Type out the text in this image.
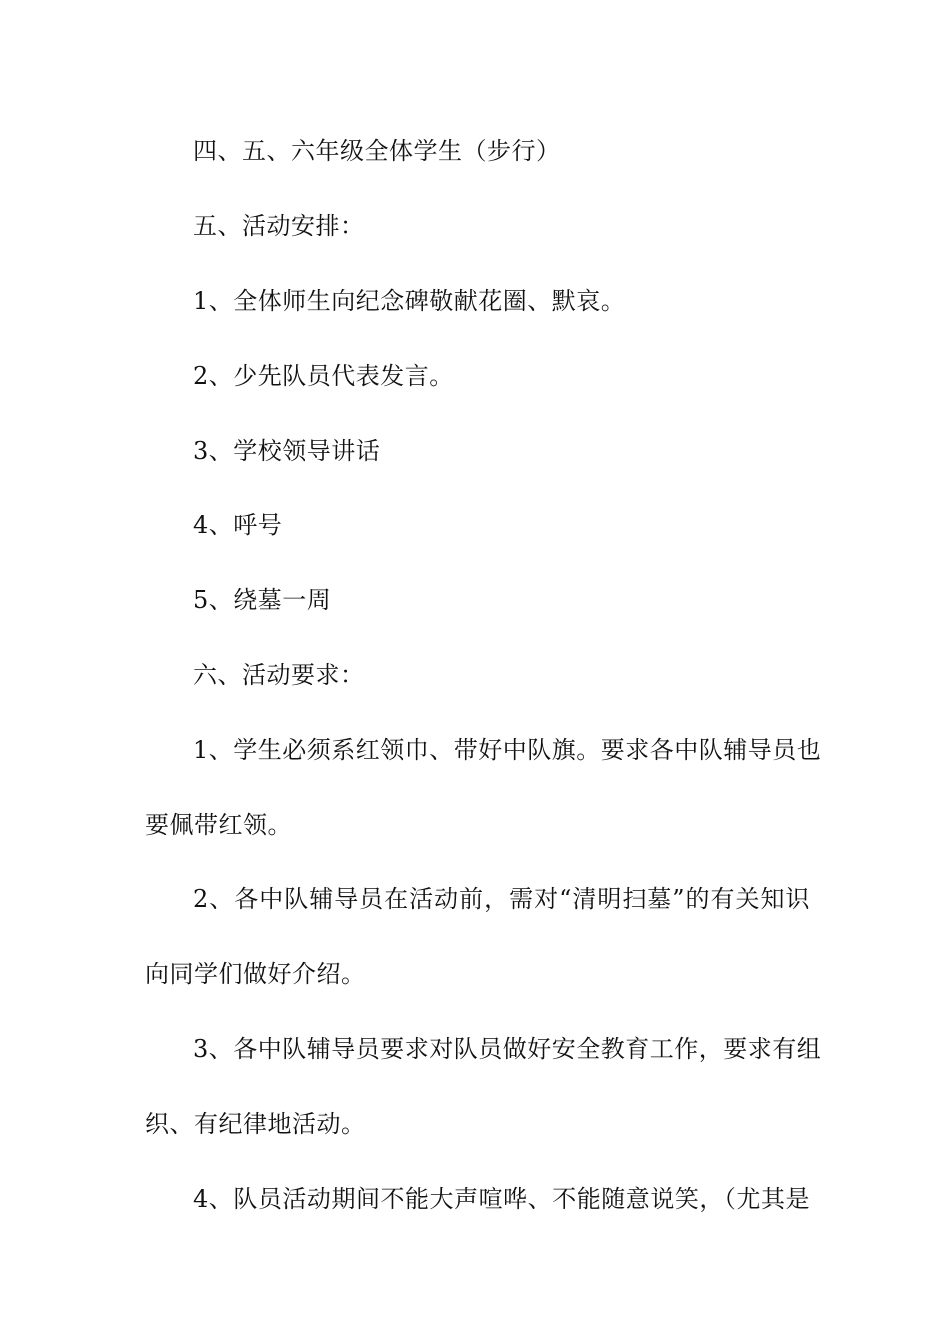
四、五、六年级全体学生（步行）
五、活动安排：
1、全体师生向纪念碑敬献花圈、默哀。
2、少先队员代表发言。
3、学校领导讲话
4、呼号
5、绕墓一周
六、活动要求：
1、学生必须系红领巾、带好中队旗。要求各中队辅导员也
要佩带红领。
2、各中队辅导员在活动前，需对“清明扫墓”的有关知识
向同学们做好介绍。
3、各中队辅导员要求对队员做好安全教育工作，要求有组
织、有纪律地活动。
4、队员活动期间不能大声喧哗、不能随意说笑，（尤其是
